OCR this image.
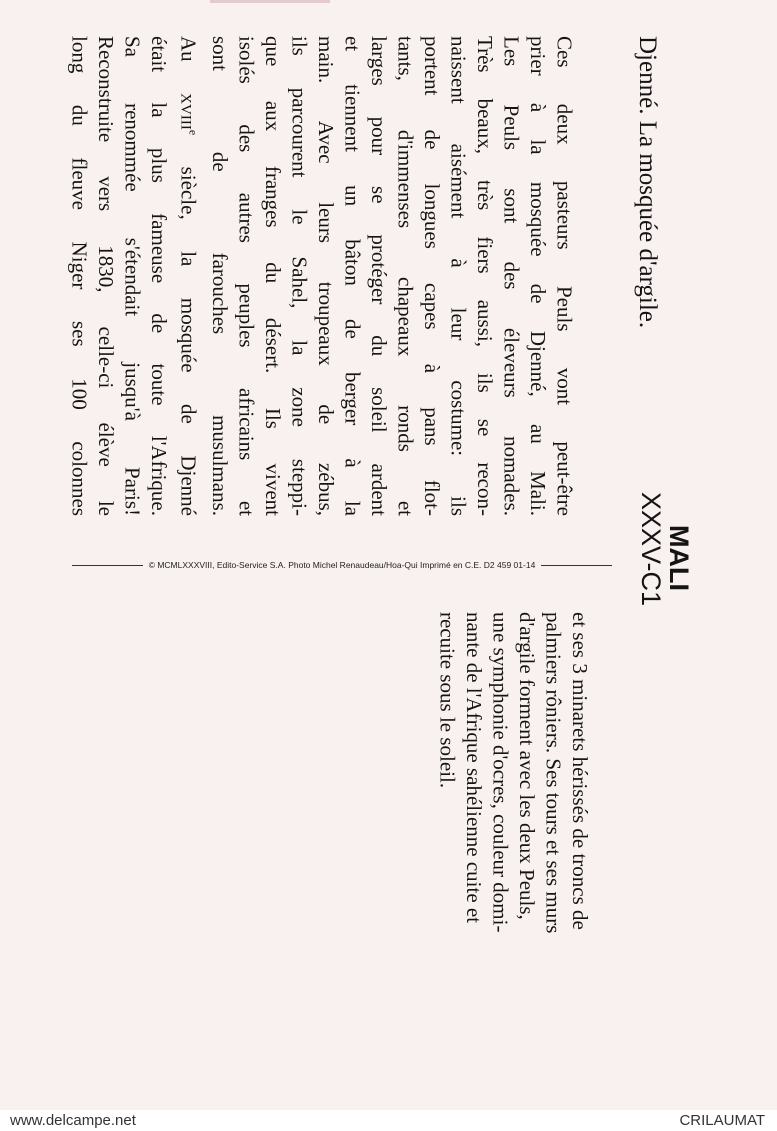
MALI
XXXV-C1
Djenné. La mosquée d'argile.
Ces deux pasteurs Peuls vont peut-être
prier à la mosquée de Djenné, au Mali.
Les Peuls sont des éleveurs nomades.
Très beaux, très fiers aussi, ils se recon-
naissent aisément à leur costume: ils
portent de longues capes à pans flot-
tants, d'immenses chapeaux ronds et
larges pour se protéger du soleil ardent
et tiennent un bâton de berger à la
main. Avec leurs troupeaux de zébus,
ils parcourent le Sahel, la zone steppi-
que aux franges du désert. Ils vivent
isolés des autres peuples africains et
sont de farouches musulmans.
Au XVIIIe siècle, la mosquée de Djenné
était la plus fameuse de toute l'Afrique.
Sa renommée s'étendait jusqu'à Paris!
Reconstruite vers 1830, celle-ci élève le
long du fleuve Niger ses 100 colonnes
© MCMLXXXVIII, Edito-Service S.A. Photo Michel Renaudeau/Hoa-Qui Imprimé en C.E. D2 459 01-14
et ses 3 minarets hérissés de troncs de
palmiers rôniers. Ses tours et ses murs
d'argile forment avec les deux Peuls,
une symphonie d'ocres, couleur domi-
nante de l'Afrique sahélienne cuite et
recuite sous le soleil.
www.delcampe.net	CRILAUMAT
